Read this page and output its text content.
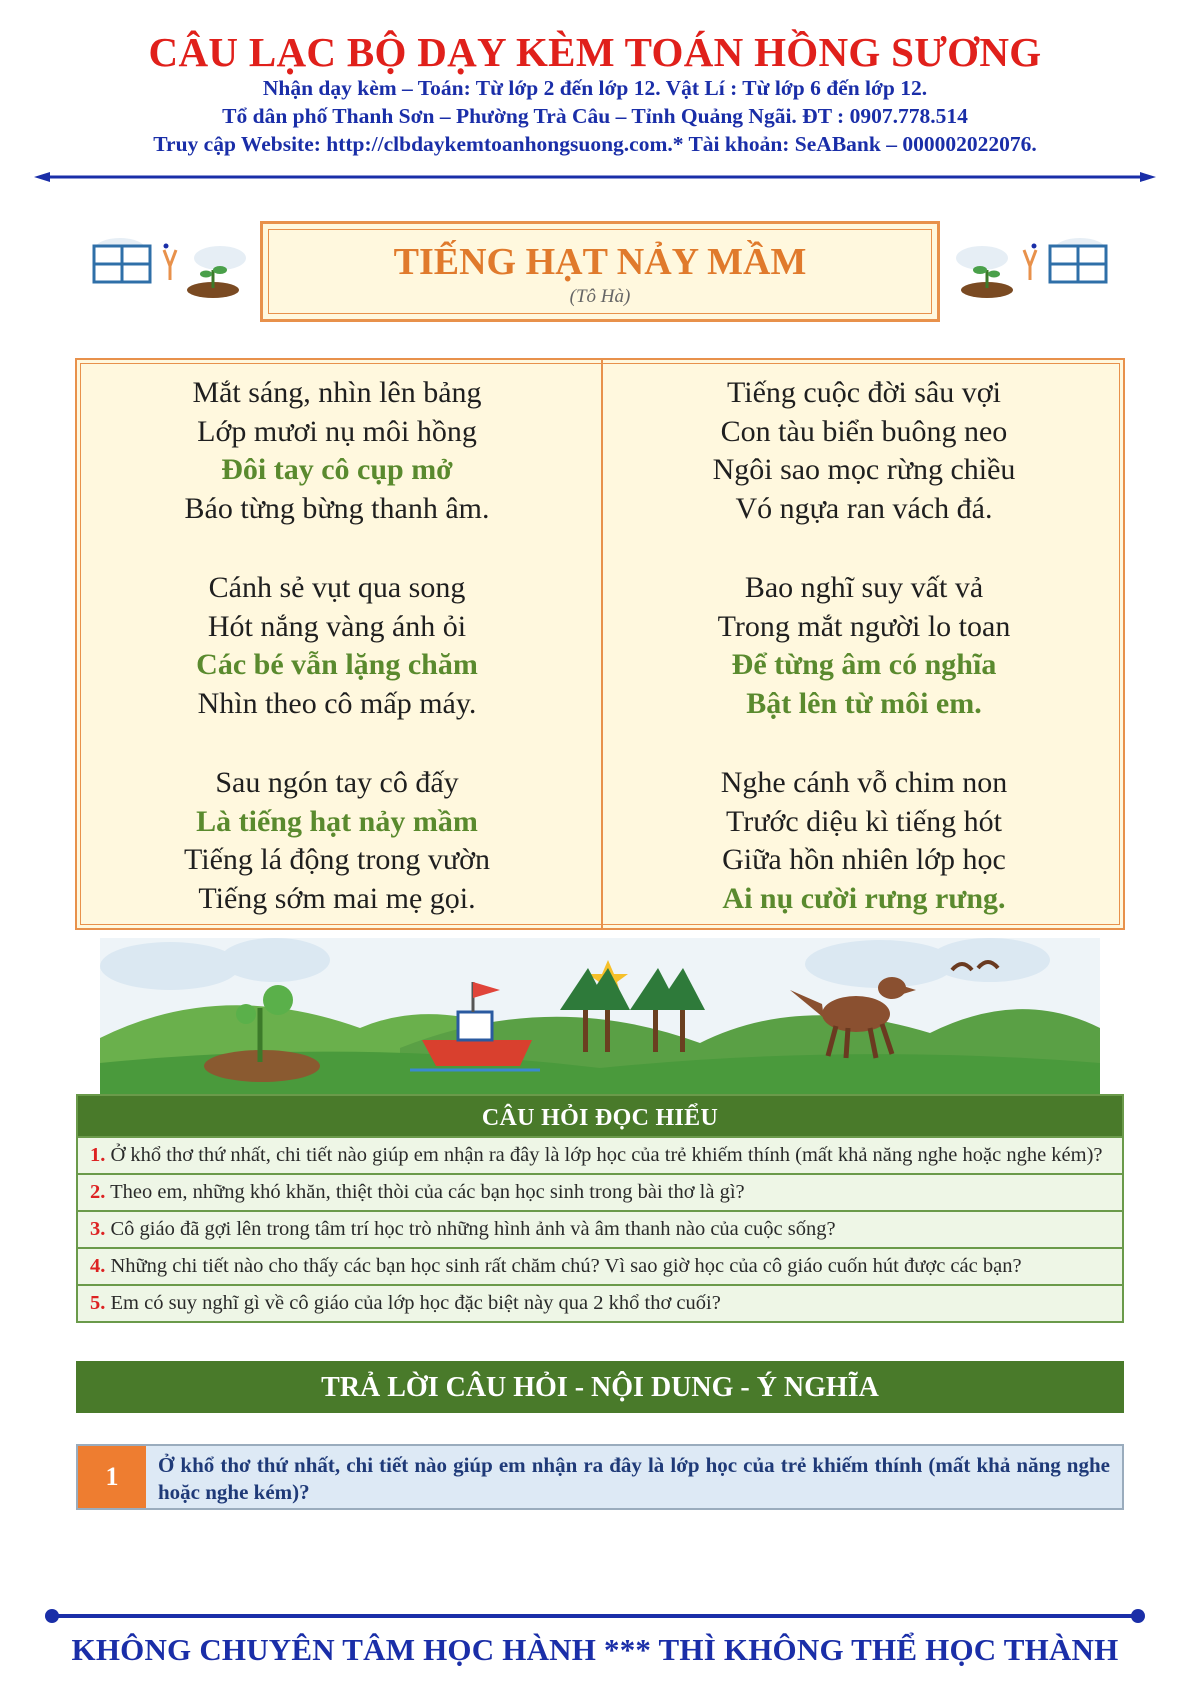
CÂU LẠC BỘ DẠY KÈM TOÁN HỒNG SƯƠNG
Nhận dạy kèm – Toán: Từ lớp 2 đến lớp 12. Vật Lí : Từ lớp 6 đến lớp 12.
Tổ dân phố Thanh Sơn – Phường Trà Câu – Tỉnh Quảng Ngãi. ĐT : 0907.778.514
Truy cập Website: http://clbdaykemtoanhongsuong.com.* Tài khoản: SeABank – 000002022076.
TIẾNG HẠT NẢY MẦM
(Tô Hà)
Mắt sáng, nhìn lên bảng
Lớp mươi nụ môi hồng
Đôi tay cô cụp mở
Báo từng bừng thanh âm.
Cánh sẻ vụt qua song
Hót nắng vàng ánh ỏi
Các bé vẫn lặng chăm
Nhìn theo cô mấp máy.
Sau ngón tay cô đấy
Là tiếng hạt nảy mầm
Tiếng lá động trong vườn
Tiếng sớm mai mẹ gọi.
Tiếng cuộc đời sâu vợi
Con tàu biển buông neo
Ngôi sao mọc rừng chiều
Vó ngựa ran vách đá.
Bao nghĩ suy vất vả
Trong mắt người lo toan
Để từng âm có nghĩa
Bật lên từ môi em.
Nghe cánh vỗ chim non
Trước diệu kì tiếng hót
Giữa hồn nhiên lớp học
Ai nụ cười rưng rưng.
CÂU HỎI ĐỌC HIỂU
1. Ở khổ thơ thứ nhất, chi tiết nào giúp em nhận ra đây là lớp học của trẻ khiếm thính (mất khả năng nghe hoặc nghe kém)?
2. Theo em, những khó khăn, thiệt thòi của các bạn học sinh trong bài thơ là gì?
3. Cô giáo đã gợi lên trong tâm trí học trò những hình ảnh và âm thanh nào của cuộc sống?
4. Những chi tiết nào cho thấy các bạn học sinh rất chăm chú? Vì sao giờ học của cô giáo cuốn hút được các bạn?
5. Em có suy nghĩ gì về cô giáo của lớp học đặc biệt này qua 2 khổ thơ cuối?
TRẢ LỜI CÂU HỎI - NỘI DUNG - Ý NGHĨA
1	Ở khổ thơ thứ nhất, chi tiết nào giúp em nhận ra đây là lớp học của trẻ khiếm thính (mất khả năng nghe hoặc nghe kém)?
KHÔNG CHUYÊN TÂM HỌC HÀNH *** THÌ KHÔNG THỂ HỌC THÀNH
